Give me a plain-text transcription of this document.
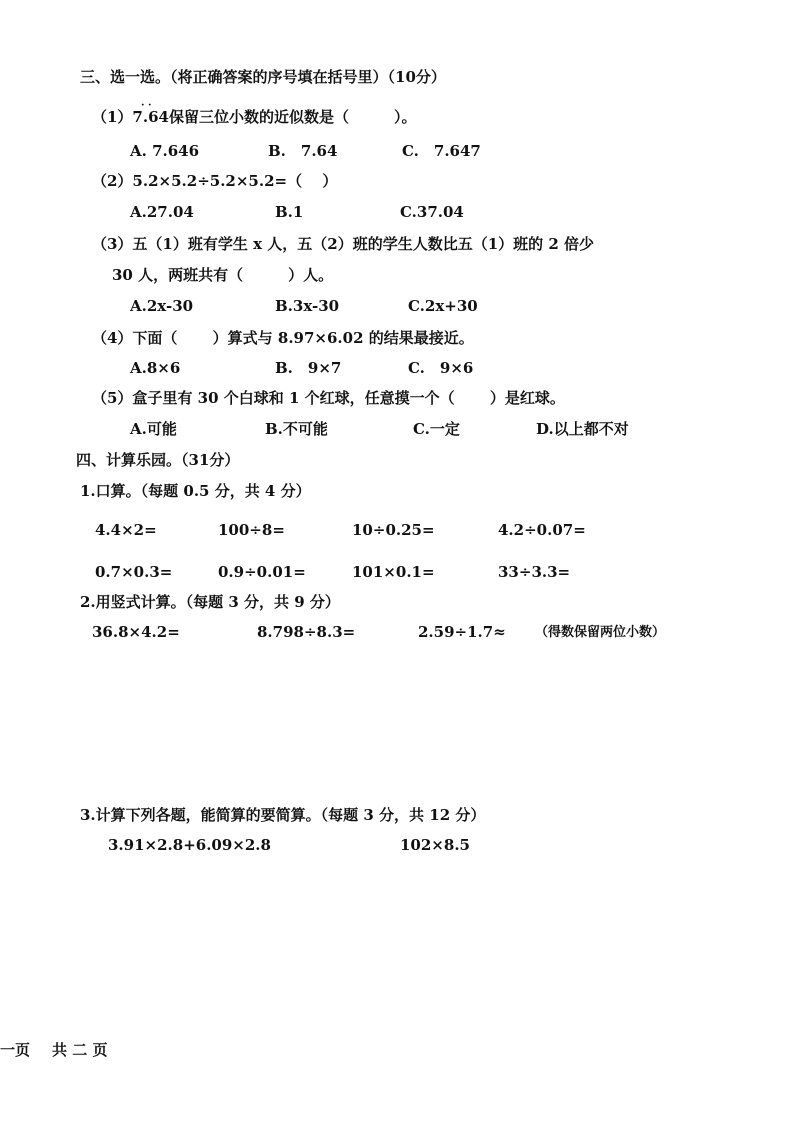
三、选一选。（将正确答案的序号填在括号里）（10分）
（1）7.64保留三位小数的近似数是（　　　）。
· ·
A. 7.646	B.　7.64	C.　7.647
（2）5.2×5.2÷5.2×5.2=（　 ）
A.27.04	B.1	C.37.04
（3）五（1）班有学生 x 人，五（2）班的学生人数比五（1）班的 2 倍少
30 人，两班共有（　　　）人。
A.2x-30	B.3x-30	C.2x+30
（4）下面（　　 ）算式与 8.97×6.02 的结果最接近。
A.8×6	B.　9×7	C.　9×6
（5）盒子里有 30 个白球和 1 个红球，任意摸一个（　　 ）是红球。
A.可能	B.不可能	C.一定	D.以上都不对
四、计算乐园。（31分）
1.口算。（每题 0.5 分，共 4 分）
4.4×2=	100÷8=	10÷0.25=	4.2÷0.07=
0.7×0.3=	0.9÷0.01=	101×0.1=	33÷3.3=
2.用竖式计算。（每题 3 分，共 9 分）
36.8×4.2=	8.798÷8.3=	2.59÷1.7≈ （得数保留两位小数）
3.计算下列各题，能简算的要简算。（每题 3 分，共 12 分）
3.91×2.8+6.09×2.8	102×8.5
一页 共 二 页
